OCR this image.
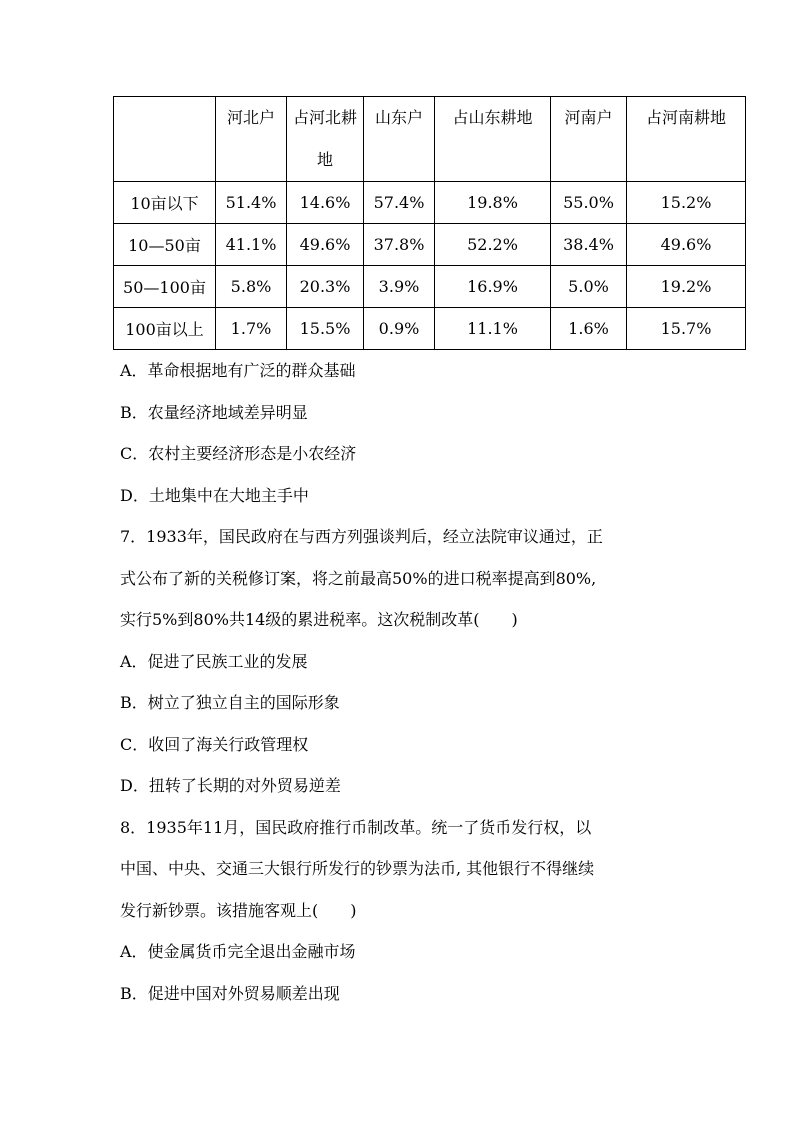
	河北户	占河北耕地	山东户	占山东耕地	河南户	占河南耕地
10亩以下	51.4%	14.6%	57.4%	19.8%	55.0%	15.2%
10—50亩	41.1%	49.6%	37.8%	52.2%	38.4%	49.6%
50—100亩	5.8%	20.3%	3.9%	16.9%	5.0%	19.2%
100亩以上	1.7%	15.5%	0.9%	11.1%	1.6%	15.7%

A．革命根据地有广泛的群众基础

B．农量经济地域差异明显

C．农村主要经济形态是小农经济

D．土地集中在大地主手中

7．1933年，国民政府在与西方列强谈判后，经立法院审议通过，正

式公布了新的关税修订案，将之前最高50%的进口税率提高到80%,

实行5%到80%共14级的累进税率。这次税制改革(　　)

A．促进了民族工业的发展

B．树立了独立自主的国际形象

C．收回了海关行政管理权

D．扭转了长期的对外贸易逆差

8．1935年11月，国民政府推行币制改革。统一了货币发行权，以

中国、中央、交通三大银行所发行的钞票为法币, 其他银行不得继续

发行新钞票。该措施客观上(　　)

A．使金属货币完全退出金融市场

B．促进中国对外贸易顺差出现
